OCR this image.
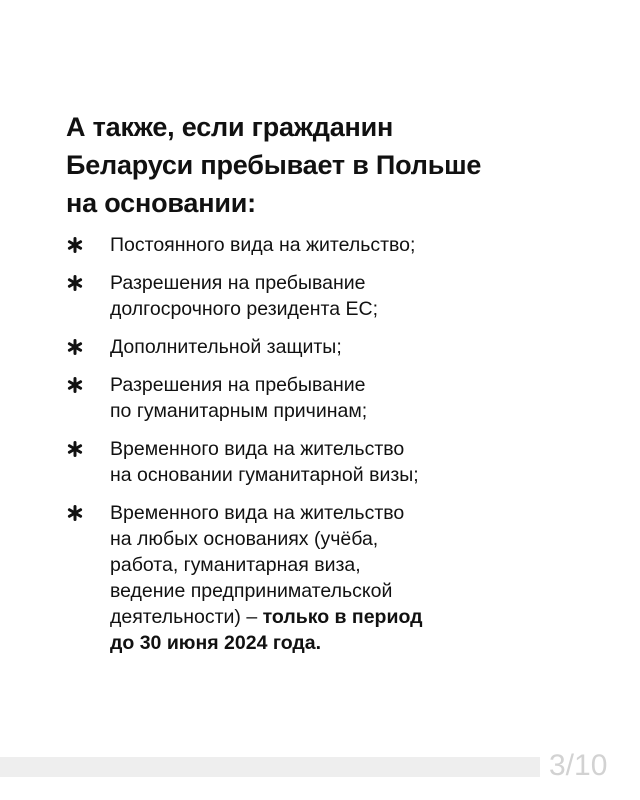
А также, если гражданин
Беларуси пребывает в Польше
на основании:
Постоянного вида на жительство;
Разрешения на пребывание
долгосрочного резидента ЕС;
Дополнительной защиты;
Разрешения на пребывание
по гуманитарным причинам;
Временного вида на жительство
на основании гуманитарной визы;
Временного вида на жительство
на любых основаниях (учёба,
работа, гуманитарная виза,
ведение предпринимательской
деятельности) – только в период
до 30 июня 2024 года.
3/10
